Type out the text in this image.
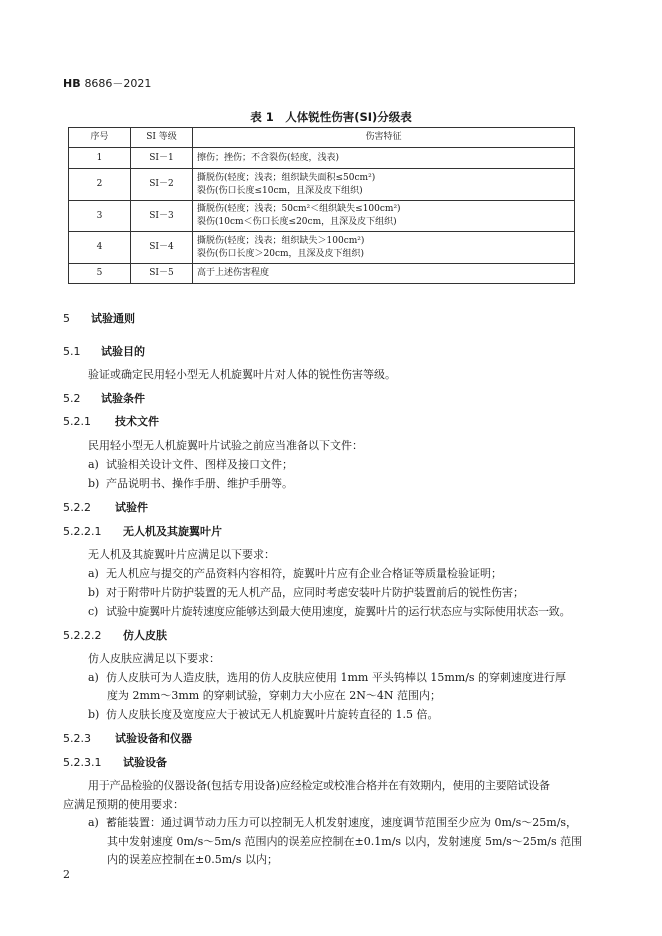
HB 8686－2021
表 1　人体锐性伤害(SI)分级表
序号	SI 等级	伤害特征
1	SI－1	擦伤；挫伤；不含裂伤(轻度，浅表)

2	SI－2	撕脱伤(轻度；浅表；组织缺失面积≤50cm²)
裂伤(伤口长度≤10cm，且深及皮下组织)

3	SI－3	撕脱伤(轻度；浅表；50cm²＜组织缺失≤100cm²)
裂伤(10cm＜伤口长度≤20cm，且深及皮下组织)

4	SI－4	撕脱伤(轻度；浅表；组织缺失＞100cm²)
裂伤(伤口长度＞20cm，且深及皮下组织)

5	SI－5	高于上述伤害程度
5 试验通则
5.1 试验目的
验证或确定民用轻小型无人机旋翼叶片对人体的锐性伤害等级。
5.2 试验条件
5.2.1 技术文件
民用轻小型无人机旋翼叶片试验之前应当准备以下文件：
a) 试验相关设计文件、图样及接口文件；
b) 产品说明书、操作手册、维护手册等。
5.2.2 试验件
5.2.2.1 无人机及其旋翼叶片
无人机及其旋翼叶片应满足以下要求：
a) 无人机应与提交的产品资料内容相符，旋翼叶片应有企业合格证等质量检验证明；
b) 对于附带叶片防护装置的无人机产品，应同时考虑安装叶片防护装置前后的锐性伤害；
c) 试验中旋翼叶片旋转速度应能够达到最大使用速度，旋翼叶片的运行状态应与实际使用状态一致。
5.2.2.2 仿人皮肤
仿人皮肤应满足以下要求：
a) 仿人皮肤可为人造皮肤，选用的仿人皮肤应使用 1mm 平头钨棒以 15mm/s 的穿刺速度进行厚
度为 2mm～3mm 的穿刺试验，穿刺力大小应在 2N～4N 范围内；
b) 仿人皮肤长度及宽度应大于被试无人机旋翼叶片旋转直径的 1.5 倍。
5.2.3 试验设备和仪器
5.2.3.1 试验设备
用于产品检验的仪器设备(包括专用设备)应经检定或校准合格并在有效期内，使用的主要陪试设备
应满足预期的使用要求：
a) 蓄能装置：通过调节动力压力可以控制无人机发射速度，速度调节范围至少应为 0m/s～25m/s，
其中发射速度 0m/s～5m/s 范围内的误差应控制在±0.1m/s 以内，发射速度 5m/s～25m/s 范围
内的误差应控制在±0.5m/s 以内；
2
